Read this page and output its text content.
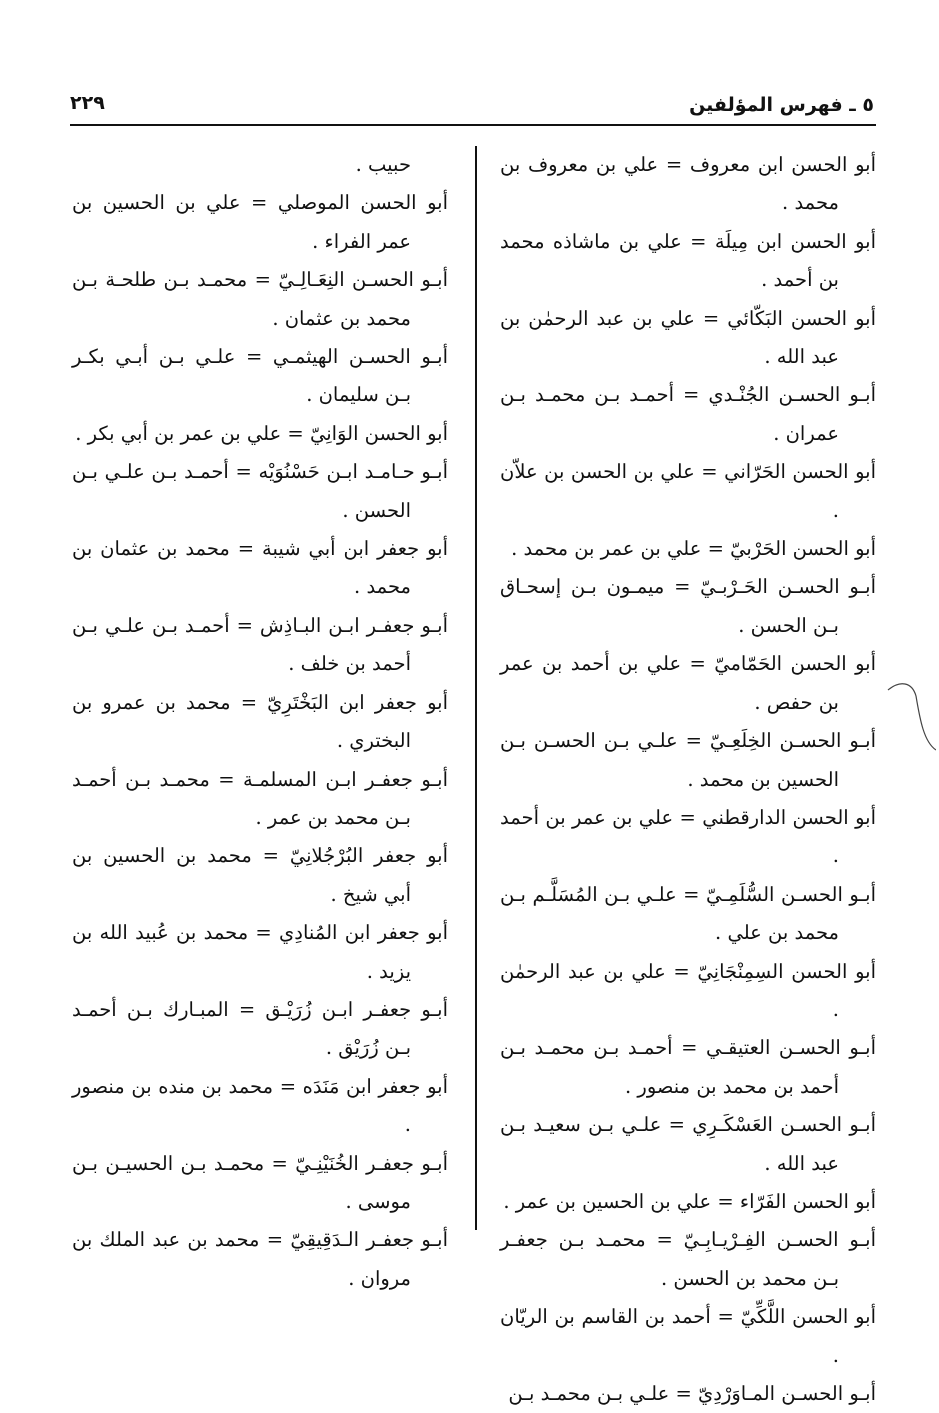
٥ ـ فهرس المؤلفين
٢٢٩

أبو الحسن ابن معروف = علي بن معروف بن محمد .

أبو الحسن ابن مِيلَة = علي بن ماشاذه محمد بن أحمد .

أبو الحسن البَكّائي = علي بن عبد الرحمٰن بن عبد الله .

أبـو الحسـن الجُنْـدي = أحمـد بـن محمـد بـن عمران .

أبو الحسن الحَرّاني = علي بن الحسن بن علاّن .

أبو الحسن الحَرْبيّ = علي بن عمر بن محمد .

أبـو الحسـن الحَـرْبـيّ = ميمـون بـن إسحـاق بـن الحسن .

أبو الحسن الحَمّاميّ = علي بن أحمد بن عمر بن حفص .

أبـو الحسـن الخِلَعِـيّ = علـي بـن الحسـن بـن الحسين بن محمد .

أبو الحسن الدارقطني = علي بن عمر بن أحمد .

أبـو الحسـن السُّلَمِـيّ = علـي بـن المُسَلَّـم بـن محمد بن علي .

أبو الحسن السِمِنْجَانِيّ = علي بن عبد الرحمٰن .

أبـو الحسـن العتيقـي = أحمـد بـن محمـد بـن أحمد بن محمد بن منصور .

أبـو الحسـن العَسْكَـرِي = علـي بـن سعيـد بـن عبد الله .

أبو الحسن الفَرّاء = علي بن الحسين بن عمر .

أبـو الحسـن الفِـرْيـابِـيّ = محمـد بـن جعفـر بـن محمد بن الحسن .

أبو الحسن اللَّكِّيّ = أحمد بن القاسم بن الريّان .

أبـو الحسـن المـاوَرْدِيّ = علـي بـن محمـد بـن

حبيب .

أبو الحسن الموصلي = علي بن الحسين بن عمر الفراء .

أبـو الحسـن النِعَـالِـيّ = محمـد بـن طلحـة بـن محمد بن عثمان .

أبـو الحسـن الهيثمـي = علـي بـن أبـي بكـر بـن سليمان .

أبو الحسن الوَانِيّ = علي بن عمر بن أبي بكر .

أبـو حـامـد ابـن حَسْنُوَيْه = أحمـد بـن علـي بـن الحسن .

أبو جعفر ابن أبي شيبة = محمد بن عثمان بن محمد .

أبـو جعفـر ابـن البـاذِش = أحمـد بـن علـي بـن أحمد بن خلف .

أبو جعفر ابن البَخْتَرِيّ = محمد بن عمرو بن البختري .

أبـو جعفـر ابـن المسلمـة = محمـد بـن أحمـد بـن محمد بن عمر .

أبو جعفر البُرْجُلانِيّ = محمد بن الحسين بن أبي شيخ .

أبو جعفر ابن المُنادِي = محمد بن عُبيد الله بن يزيد .

أبـو جعفـر ابـن زُرَيْـق = المبـارك بـن أحمـد بـن زُرَيْق .

أبو جعفر ابن مَنَدَه = محمد بن منده بن منصور .

أبـو جعفـر الخُنَيْنِـيّ = محمـد بـن الحسيـن بـن موسى .

أبـو جعفـر الـدَقِيقِيّ = محمد بن عبد الملك بن مروان .
